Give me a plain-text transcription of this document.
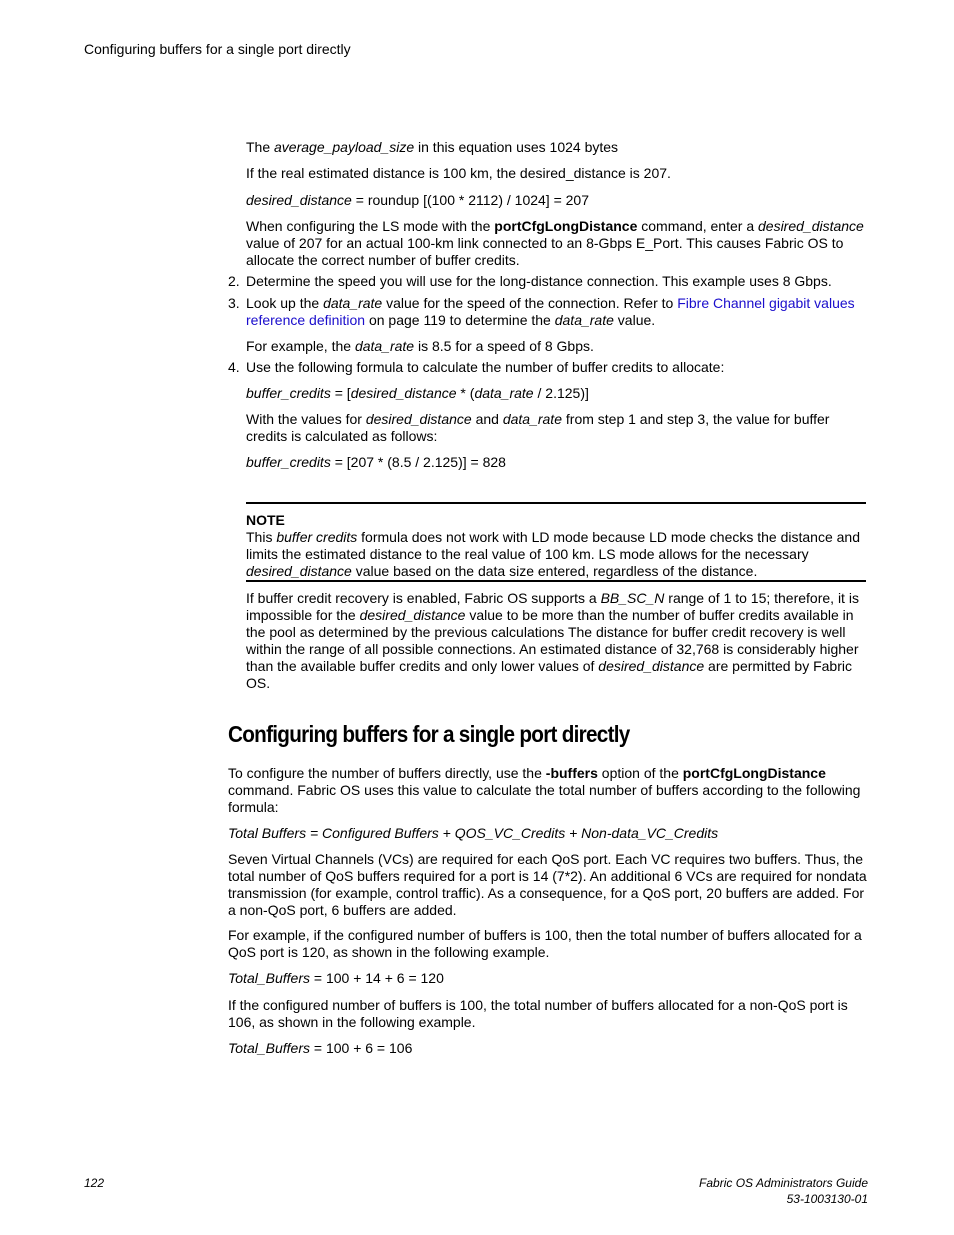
Configuring buffers for a single port directly

The average_payload_size in this equation uses 1024 bytes

If the real estimated distance is 100 km, the desired_distance is 207.

desired_distance = roundup [(100 * 2112) / 1024] = 207

When configuring the LS mode with the portCfgLongDistance command, enter a desired_distance value of 207 for an actual 100-km link connected to an 8-Gbps E_Port. This causes Fabric OS to allocate the correct number of buffer credits.

2. Determine the speed you will use for the long-distance connection. This example uses 8 Gbps.

3. Look up the data_rate value for the speed of the connection. Refer to Fibre Channel gigabit values reference definition on page 119 to determine the data_rate value.

For example, the data_rate is 8.5 for a speed of 8 Gbps.

4. Use the following formula to calculate the number of buffer credits to allocate:

buffer_credits = [desired_distance * (data_rate / 2.125)]

With the values for desired_distance and data_rate from step 1 and step 3, the value for buffer credits is calculated as follows:

buffer_credits = [207 * (8.5 / 2.125)] = 828

NOTE

This buffer credits formula does not work with LD mode because LD mode checks the distance and limits the estimated distance to the real value of 100 km. LS mode allows for the necessary desired_distance value based on the data size entered, regardless of the distance.

If buffer credit recovery is enabled, Fabric OS supports a BB_SC_N range of 1 to 15; therefore, it is impossible for the desired_distance value to be more than the number of buffer credits available in the pool as determined by the previous calculations The distance for buffer credit recovery is well within the range of all possible connections. An estimated distance of 32,768 is considerably higher than the available buffer credits and only lower values of desired_distance are permitted by Fabric OS.

Configuring buffers for a single port directly

To configure the number of buffers directly, use the -buffers option of the portCfgLongDistance command. Fabric OS uses this value to calculate the total number of buffers according to the following formula:

Total Buffers = Configured Buffers + QOS_VC_Credits + Non-data_VC_Credits

Seven Virtual Channels (VCs) are required for each QoS port. Each VC requires two buffers. Thus, the total number of QoS buffers required for a port is 14 (7*2). An additional 6 VCs are required for nondata transmission (for example, control traffic). As a consequence, for a QoS port, 20 buffers are added. For a non-QoS port, 6 buffers are added.

For example, if the configured number of buffers is 100, then the total number of buffers allocated for a QoS port is 120, as shown in the following example.

Total_Buffers = 100 + 14 + 6 = 120

If the configured number of buffers is 100, the total number of buffers allocated for a non-QoS port is 106, as shown in the following example.

Total_Buffers = 100 + 6 = 106

122	Fabric OS Administrators Guide
53-1003130-01
